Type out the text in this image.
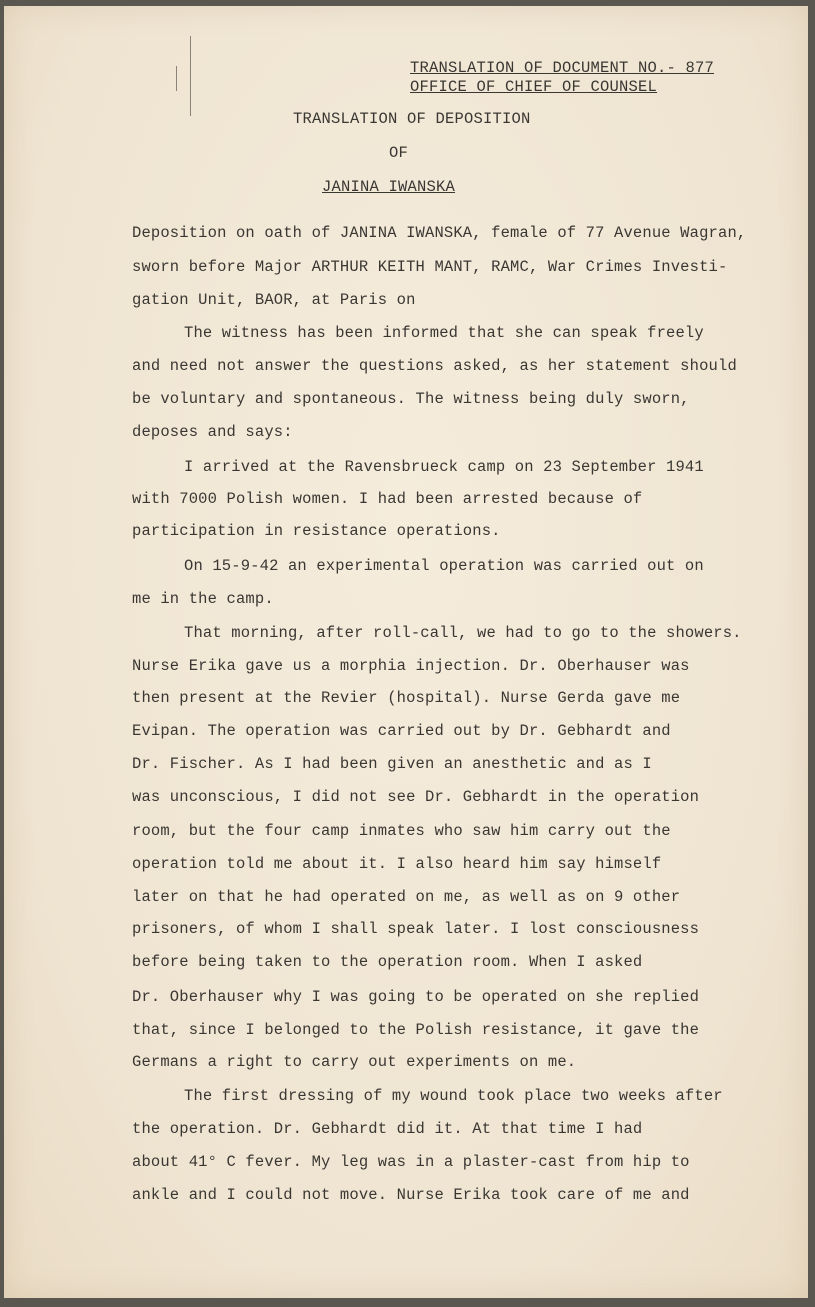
TRANSLATION OF DOCUMENT NO.- 877
OFFICE OF CHIEF OF COUNSEL
TRANSLATION OF DEPOSITION
OF
JANINA IWANSKA
Deposition on oath of JANINA IWANSKA, female of 77 Avenue Wagran,
sworn before Major ARTHUR KEITH MANT, RAMC, War Crimes Investi-
gation Unit, BAOR, at Paris on
The witness has been informed that she can speak freely
and need not answer the questions asked, as her statement should
be voluntary and spontaneous. The witness being duly sworn,
deposes and says:
I arrived at the Ravensbrueck camp on 23 September 1941
with 7000 Polish women. I had been arrested because of
participation in resistance operations.
On 15-9-42 an experimental operation was carried out on
me in the camp.
That morning, after roll-call, we had to go to the showers.
Nurse Erika gave us a morphia injection. Dr. Oberhauser was
then present at the Revier (hospital). Nurse Gerda gave me
Evipan. The operation was carried out by Dr. Gebhardt and
Dr. Fischer. As I had been given an anesthetic and as I
was unconscious, I did not see Dr. Gebhardt in the operation
room, but the four camp inmates who saw him carry out the
operation told me about it. I also heard him say himself
later on that he had operated on me, as well as on 9 other
prisoners, of whom I shall speak later. I lost consciousness
before being taken to the operation room. When I asked
Dr. Oberhauser why I was going to be operated on she replied
that, since I belonged to the Polish resistance, it gave the
Germans a right to carry out experiments on me.
The first dressing of my wound took place two weeks after
the operation. Dr. Gebhardt did it. At that time I had
about 41° C fever. My leg was in a plaster-cast from hip to
ankle and I could not move. Nurse Erika took care of me and
